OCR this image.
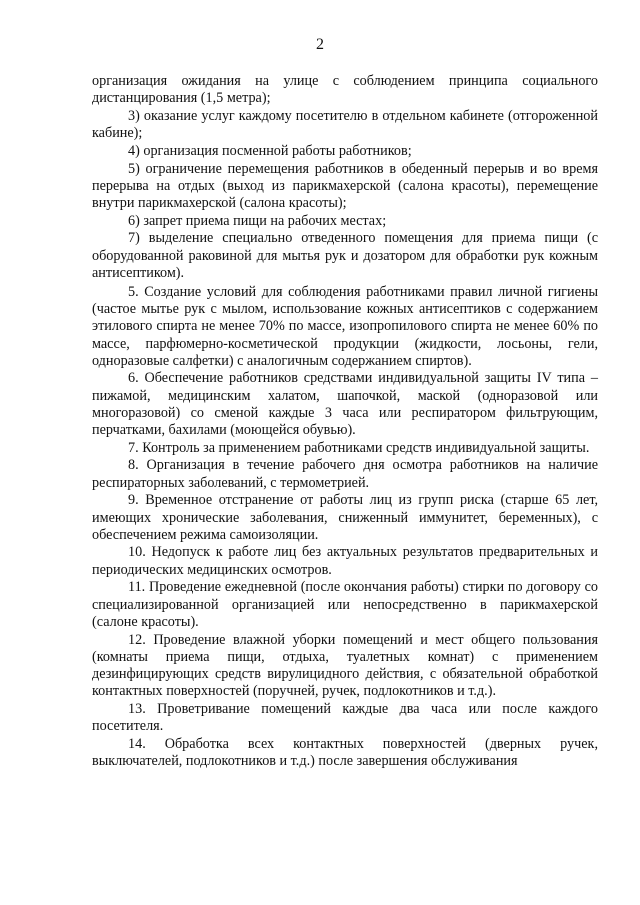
2

организация ожидания на улице с соблюдением принципа социального дистанцирования (1,5 метра);

3) оказание услуг каждому посетителю в отдельном кабинете (отгороженной кабине);

4) организация посменной работы работников;

5) ограничение перемещения работников в обеденный перерыв и во время перерыва на отдых (выход из парикмахерской (салона красоты), перемещение внутри парикмахерской (салона красоты);

6) запрет приема пищи на рабочих местах;

7) выделение специально отведенного помещения для приема пищи (с оборудованной раковиной для мытья рук и дозатором для обработки рук кожным антисептиком).

5. Создание условий для соблюдения работниками правил личной гигиены (частое мытье рук с мылом, использование кожных антисептиков с содержанием этилового спирта не менее 70% по массе, изопропилового спирта не менее 60% по массе, парфюмерно-косметической продукции (жидкости, лосьоны, гели, одноразовые салфетки) с аналогичным содержанием спиртов).

6. Обеспечение работников средствами индивидуальной защиты IV типа – пижамой, медицинским халатом, шапочкой, маской (одноразовой или многоразовой) со сменой каждые 3 часа или респиратором фильтрующим, перчатками, бахилами (моющейся обувью).

7. Контроль за применением работниками средств индивидуальной защиты.

8. Организация в течение рабочего дня осмотра работников на наличие респираторных заболеваний, с термометрией.

9. Временное отстранение от работы лиц из групп риска (старше 65 лет, имеющих хронические заболевания, сниженный иммунитет, беременных), с обеспечением режима самоизоляции.

10. Недопуск к работе лиц без актуальных результатов предварительных и периодических медицинских осмотров.

11. Проведение ежедневной (после окончания работы) стирки по договору со специализированной организацией или непосредственно в парикмахерской (салоне красоты).

12. Проведение влажной уборки помещений и мест общего пользования (комнаты приема пищи, отдыха, туалетных комнат) с применением дезинфицирующих средств вирулицидного действия, с обязательной обработкой контактных поверхностей (поручней, ручек, подлокотников и т.д.).

13. Проветривание помещений каждые два часа или после каждого посетителя.

14. Обработка всех контактных поверхностей (дверных ручек, выключателей, подлокотников и т.д.) после завершения обслуживания
